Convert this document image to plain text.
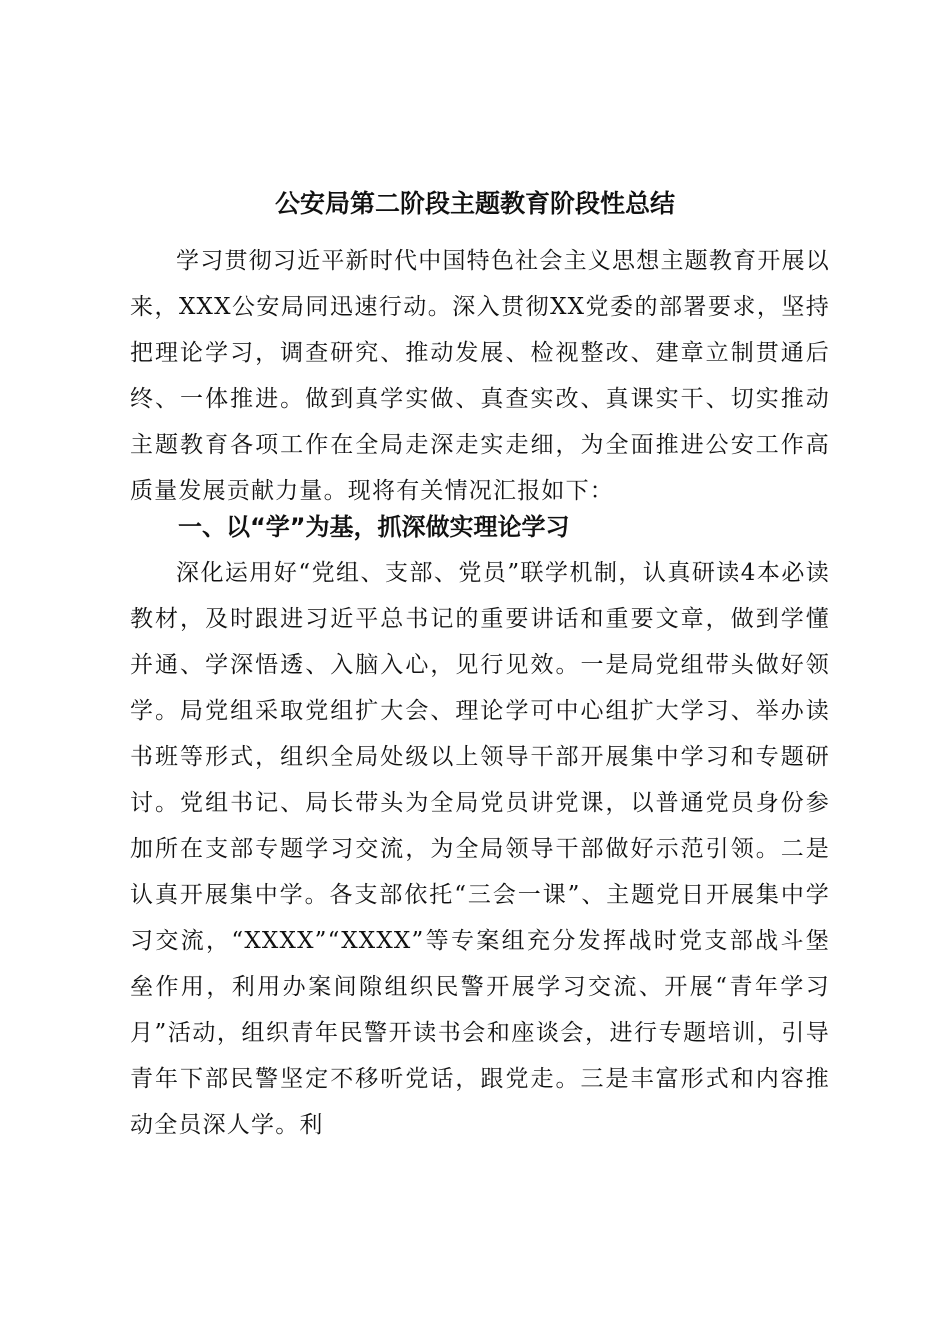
公安局第二阶段主题教育阶段性总结

学习贯彻习近平新时代中国特色社会主义思想主题教育开展以来，XXX公安局同迅速行动。深入贯彻XX党委的部署要求，坚持把理论学习，调查研究、推动发展、检视整改、建章立制贯通后终、一体推进。做到真学实做、真查实改、真课实干、切实推动主题教育各项工作在全局走深走实走细，为全面推进公安工作高质量发展贡献力量。现将有关情况汇报如下：

一、以“学”为基，抓深做实理论学习

深化运用好“党组、支部、党员”联学机制，认真研读4本必读教材，及时跟进习近平总书记的重要讲话和重要文章，做到学懂并通、学深悟透、入脑入心，见行见效。一是局党组带头做好领学。局党组采取党组扩大会、理论学可中心组扩大学习、举办读书班等形式，组织全局处级以上领导干部开展集中学习和专题研讨。党组书记、局长带头为全局党员讲党课，以普通党员身份参加所在支部专题学习交流，为全局领导干部做好示范引领。二是认真开展集中学。各支部依托“三会一课”、主题党日开展集中学习交流，“XXXX”“XXXX”等专案组充分发挥战时党支部战斗堡垒作用，利用办案间隙组织民警开展学习交流、开展“青年学习月”活动，组织青年民警开读书会和座谈会，进行专题培训，引导青年下部民警坚定不移听党话，跟党走。三是丰富形式和内容推动全员深人学。利
